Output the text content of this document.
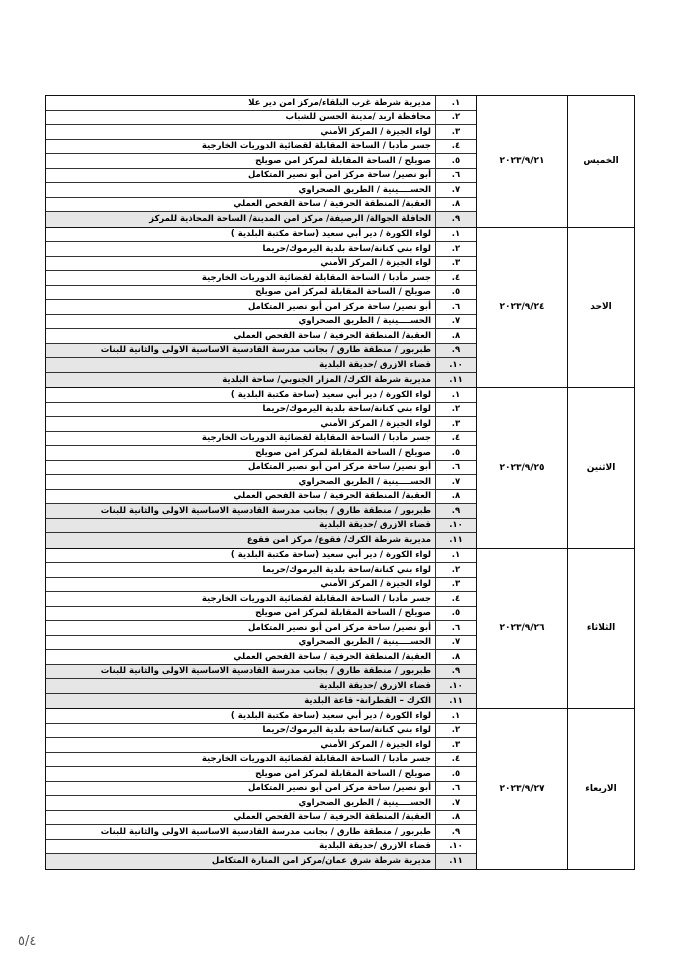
الخميس
٢٠٢٣/٩/٢١
١.
مديرية شرطة غرب البلقاء/مركز امن دير علا
٢.
محافظة اربد /مدينة الحسن للشباب
٣.
لواء الجيزة / المركز الأمني
٤.
جسر مأدبا / الساحة المقابلة لقضائية الدوريات الخارجية
٥.
صويلح / الساحة المقابلة لمركز امن صويلح
٦.
أبو نصير/ ساحة مركز امن أبو نصير المتكامل
٧.
الحســــينية / الطريق الصحراوي
٨.
العقبة/ المنطقة الحرفية / ساحة الفحص العملي
٩.
الحافلة الجوالة/ الرصيفة/ مركز امن المدينة/ الساحة المحاذية للمركز
الاحد
٢٠٢٣/٩/٢٤
١.
لواء الكورة / دير أبي سعيد (ساحة مكتبة البلدية )
٢.
لواء بني كنانة/ساحة بلدية اليرموك/حريما
٣.
لواء الجيزة / المركز الأمني
٤.
جسر مأدبا / الساحة المقابلة لقضائية الدوريات الخارجية
٥.
صويلح / الساحة المقابلة لمركز امن صويلح
٦.
أبو نصير/ ساحة مركز امن أبو نصير المتكامل
٧.
الحســــينية / الطريق الصحراوي
٨.
العقبة/ المنطقة الحرفية / ساحة الفحص العملي
٩.
طبربور / منطقة طارق / بجانب مدرسة القادسية الاساسية الاولى والثانية للبنات
١٠.
قضاء الازرق /حديقة البلدية
١١.
مديرية شرطة الكرك/ المزار الجنوبي/ ساحة البلدية
الاثنين
٢٠٢٣/٩/٢٥
١.
لواء الكورة / دير أبي سعيد (ساحة مكتبة البلدية )
٢.
لواء بني كنانة/ساحة بلدية اليرموك/حريما
٣.
لواء الجيزة / المركز الأمني
٤.
جسر مأدبا / الساحة المقابلة لقضائية الدوريات الخارجية
٥.
صويلح / الساحة المقابلة لمركز امن صويلح
٦.
أبو نصير/ ساحة مركز امن أبو نصير المتكامل
٧.
الحســــينية / الطريق الصحراوي
٨.
العقبة/ المنطقة الحرفية / ساحة الفحص العملي
٩.
طبربور / منطقة طارق / بجانب مدرسة القادسية الاساسية الاولى والثانية للبنات
١٠.
قضاء الازرق /حديقة البلدية
١١.
مديرية شرطة الكرك/ فقوع/ مركز امن فقوع
الثلاثاء
٢٠٢٣/٩/٢٦
١.
لواء الكورة / دير أبي سعيد (ساحة مكتبة البلدية )
٢.
لواء بني كنانة/ساحة بلدية اليرموك/حريما
٣.
لواء الجيزة / المركز الأمني
٤.
جسر مأدبا / الساحة المقابلة لقضائية الدوريات الخارجية
٥.
صويلح / الساحة المقابلة لمركز امن صويلح
٦.
أبو نصير/ ساحة مركز امن أبو نصير المتكامل
٧.
الحســــينية / الطريق الصحراوي
٨.
العقبة/ المنطقة الحرفية / ساحة الفحص العملي
٩.
طبربور / منطقة طارق / بجانب مدرسة القادسية الاساسية الاولى والثانية للبنات
١٠.
قضاء الازرق /حديقة البلدية
١١.
الكرك – القطرانة- قاعة البلدية
الاربعاء
٢٠٢٣/٩/٢٧
١.
لواء الكورة / دير أبي سعيد (ساحة مكتبة البلدية )
٢.
لواء بني كنانة/ساحة بلدية اليرموك/حريما
٣.
لواء الجيزة / المركز الأمني
٤.
جسر مأدبا / الساحة المقابلة لقضائية الدوريات الخارجية
٥.
صويلح / الساحة المقابلة لمركز امن صويلح
٦.
أبو نصير/ ساحة مركز امن أبو نصير المتكامل
٧.
الحســــينية / الطريق الصحراوي
٨.
العقبة/ المنطقة الحرفية / ساحة الفحص العملي
٩.
طبربور / منطقة طارق / بجانب مدرسة القادسية الاساسية الاولى والثانية للبنات
١٠.
قضاء الازرق /حديقة البلدية
١١.
مديرية شرطة شرق عمان/مركز امن المنارة المتكامل
٥/٤
